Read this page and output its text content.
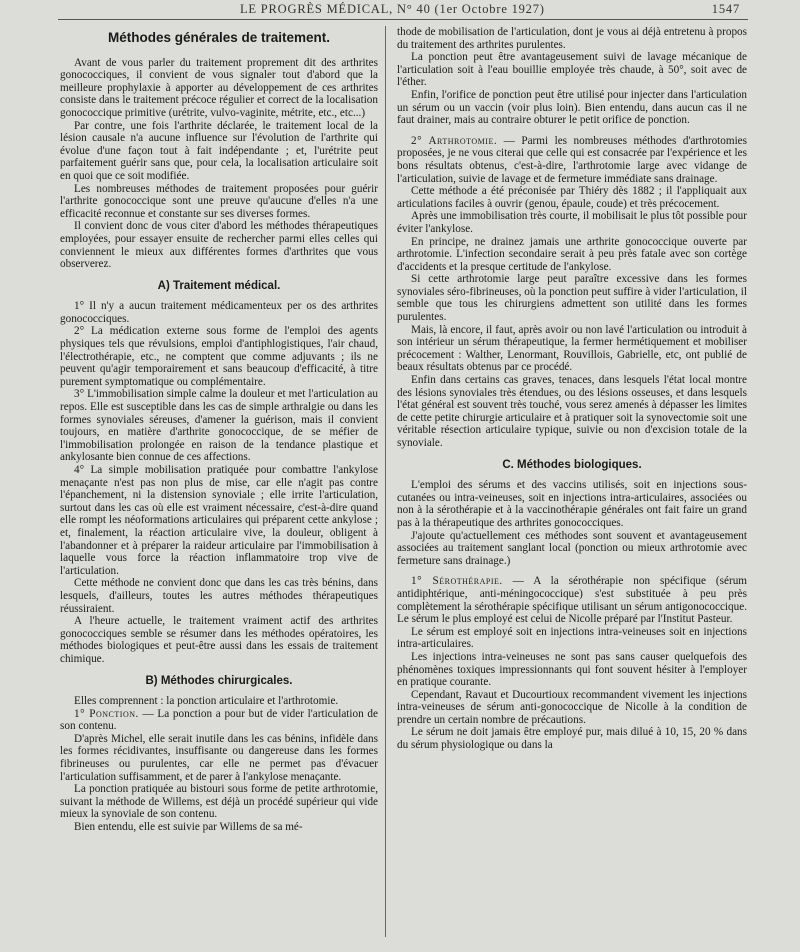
LE PROGRÈS MÉDICAL, N° 40 (1er Octobre 1927)	1547
Méthodes générales de traitement.

Avant de vous parler du traitement proprement dit des arthrites gonococciques, il convient de vous signaler tout d'abord que la meilleure prophylaxie à apporter au développement de ces arthrites consiste dans le traitement précoce régulier et correct de la localisation gonococcique primitive (urétrite, vulvo-vaginite, métrite, etc., etc...)

Par contre, une fois l'arthrite déclarée, le traitement local de la lésion causale n'a aucune influence sur l'évolution de l'arthrite qui évolue d'une façon tout à fait indépendante ; et, l'urétrite peut parfaitement guérir sans que, pour cela, la localisation articulaire soit en quoi que ce soit modifiée.

Les nombreuses méthodes de traitement proposées pour guérir l'arthrite gonococcique sont une preuve qu'aucune d'elles n'a une efficacité reconnue et constante sur ses diverses formes.

Il convient donc de vous citer d'abord les méthodes thérapeutiques employées, pour essayer ensuite de rechercher parmi elles celles qui conviennent le mieux aux différentes formes d'arthrites que vous observerez.

A) Traitement médical.

1° Il n'y a aucun traitement médicamenteux per os des arthrites gonococciques.

2° La médication externe sous forme de l'emploi des agents physiques tels que révulsions, emploi d'antiphlogistiques, l'air chaud, l'électrothérapie, etc., ne comptent que comme adjuvants ; ils ne peuvent qu'agir temporairement et sans beaucoup d'efficacité, à titre purement symptomatique ou complémentaire.

3° L'immobilisation simple calme la douleur et met l'articulation au repos. Elle est susceptible dans les cas de simple arthralgie ou dans les formes synoviales séreuses, d'amener la guérison, mais il convient toujours, en matière d'arthrite gonococcique, de se méfier de l'immobilisation prolongée en raison de la tendance plastique et ankylosante bien connue de ces affections.

4° La simple mobilisation pratiquée pour combattre l'ankylose menaçante n'est pas non plus de mise, car elle n'agit pas contre l'épanchement, ni la distension synoviale ; elle irrite l'articulation, surtout dans les cas où elle est vraiment nécessaire, c'est-à-dire quand elle rompt les néoformations articulaires qui préparent cette ankylose ; et, finalement, la réaction articulaire vive, la douleur, obligent à l'abandonner et à préparer la raideur articulaire par l'immobilisation à laquelle vous force la réaction inflammatoire trop vive de l'articulation.

Cette méthode ne convient donc que dans les cas très bénins, dans lesquels, d'ailleurs, toutes les autres méthodes thérapeutiques réussiraient.

A l'heure actuelle, le traitement vraiment actif des arthrites gonococciques semble se résumer dans les méthodes opératoires, les méthodes biologiques et peut-être aussi dans les essais de traitement chimique.

B) Méthodes chirurgicales.

Elles comprennent : la ponction articulaire et l'arthrotomie.

1° Ponction. — La ponction a pour but de vider l'articulation de son contenu.

D'après Michel, elle serait inutile dans les cas bénins, infidèle dans les formes récidivantes, insuffisante ou dangereuse dans les formes fibrineuses ou purulentes, car elle ne permet pas d'évacuer l'articulation suffisamment, et de parer à l'ankylose menaçante.

La ponction pratiquée au bistouri sous forme de petite arthrotomie, suivant la méthode de Willems, est déjà un procédé supérieur qui vide mieux la synoviale de son contenu.

Bien entendu, elle est suivie par Willems de sa mé-

thode de mobilisation de l'articulation, dont je vous ai déjà entretenu à propos du traitement des arthrites purulentes.

La ponction peut être avantageusement suivi de lavage mécanique de l'articulation soit à l'eau bouillie employée très chaude, à 50°, soit avec de l'éther.

Enfin, l'orifice de ponction peut être utilisé pour injecter dans l'articulation un sérum ou un vaccin (voir plus loin). Bien entendu, dans aucun cas il ne faut drainer, mais au contraire obturer le petit orifice de ponction.

2° Arthrotomie. — Parmi les nombreuses méthodes d'arthrotomies proposées, je ne vous citerai que celle qui est consacrée par l'expérience et les bons résultats obtenus, c'est-à-dire, l'arthrotomie large avec vidange de l'articulation, suivie de lavage et de fermeture immédiate sans drainage.

Cette méthode a été préconisée par Thiéry dès 1882 ; il l'appliquait aux articulations faciles à ouvrir (genou, épaule, coude) et très précocement.

Après une immobilisation très courte, il mobilisait le plus tôt possible pour éviter l'ankylose.

En principe, ne drainez jamais une arthrite gonococcique ouverte par arthrotomie. L'infection secondaire serait à peu près fatale avec son cortège d'accidents et la presque certitude de l'ankylose.

Si cette arthrotomie large peut paraître excessive dans les formes synoviales séro-fibrineuses, où la ponction peut suffire à vider l'articulation, il semble que tous les chirurgiens admettent son utilité dans les formes purulentes.

Mais, là encore, il faut, après avoir ou non lavé l'articulation ou introduit à son intérieur un sérum thérapeutique, la fermer hermétiquement et mobiliser précocement : Walther, Lenormant, Rouvillois, Gabrielle, etc, ont publié de beaux résultats obtenus par ce procédé.

Enfin dans certains cas graves, tenaces, dans lesquels l'état local montre des lésions synoviales très étendues, ou des lésions osseuses, et dans lesquels l'état général est souvent très touché, vous serez amenés à dépasser les limites de cette petite chirurgie articulaire et à pratiquer soit la synovectomie soit une véritable résection articulaire typique, suivie ou non d'excision totale de la synoviale.

C. Méthodes biologiques.

L'emploi des sérums et des vaccins utilisés, soit en injections sous-cutanées ou intra-veineuses, soit en injections intra-articulaires, associées ou non à la sérothérapie et à la vaccinothérapie générales ont fait faire un grand pas à la thérapeutique des arthrites gonococciques.

J'ajoute qu'actuellement ces méthodes sont souvent et avantageusement associées au traitement sanglant local (ponction ou mieux arthrotomie avec fermeture sans drainage.)

1° Sérothérapie. — A la sérothérapie non spécifique (sérum antidiphtérique, anti-méningococcique) s'est substituée à peu près complètement la sérothérapie spécifique utilisant un sérum antigonococcique. Le sérum le plus employé est celui de Nicolle préparé par l'Institut Pasteur.

Le sérum est employé soit en injections intra-veineuses soit en injections intra-articulaires.

Les injections intra-veineuses ne sont pas sans causer quelquefois des phénomènes toxiques impressionnants qui font souvent hésiter à l'employer en pratique courante.

Cependant, Ravaut et Ducourtioux recommandent vivement les injections intra-veineuses de sérum anti-gonococcique de Nicolle à la condition de prendre un certain nombre de précautions.

Le sérum ne doit jamais être employé pur, mais dilué à 10, 15, 20 % dans du sérum physiologique ou dans la
